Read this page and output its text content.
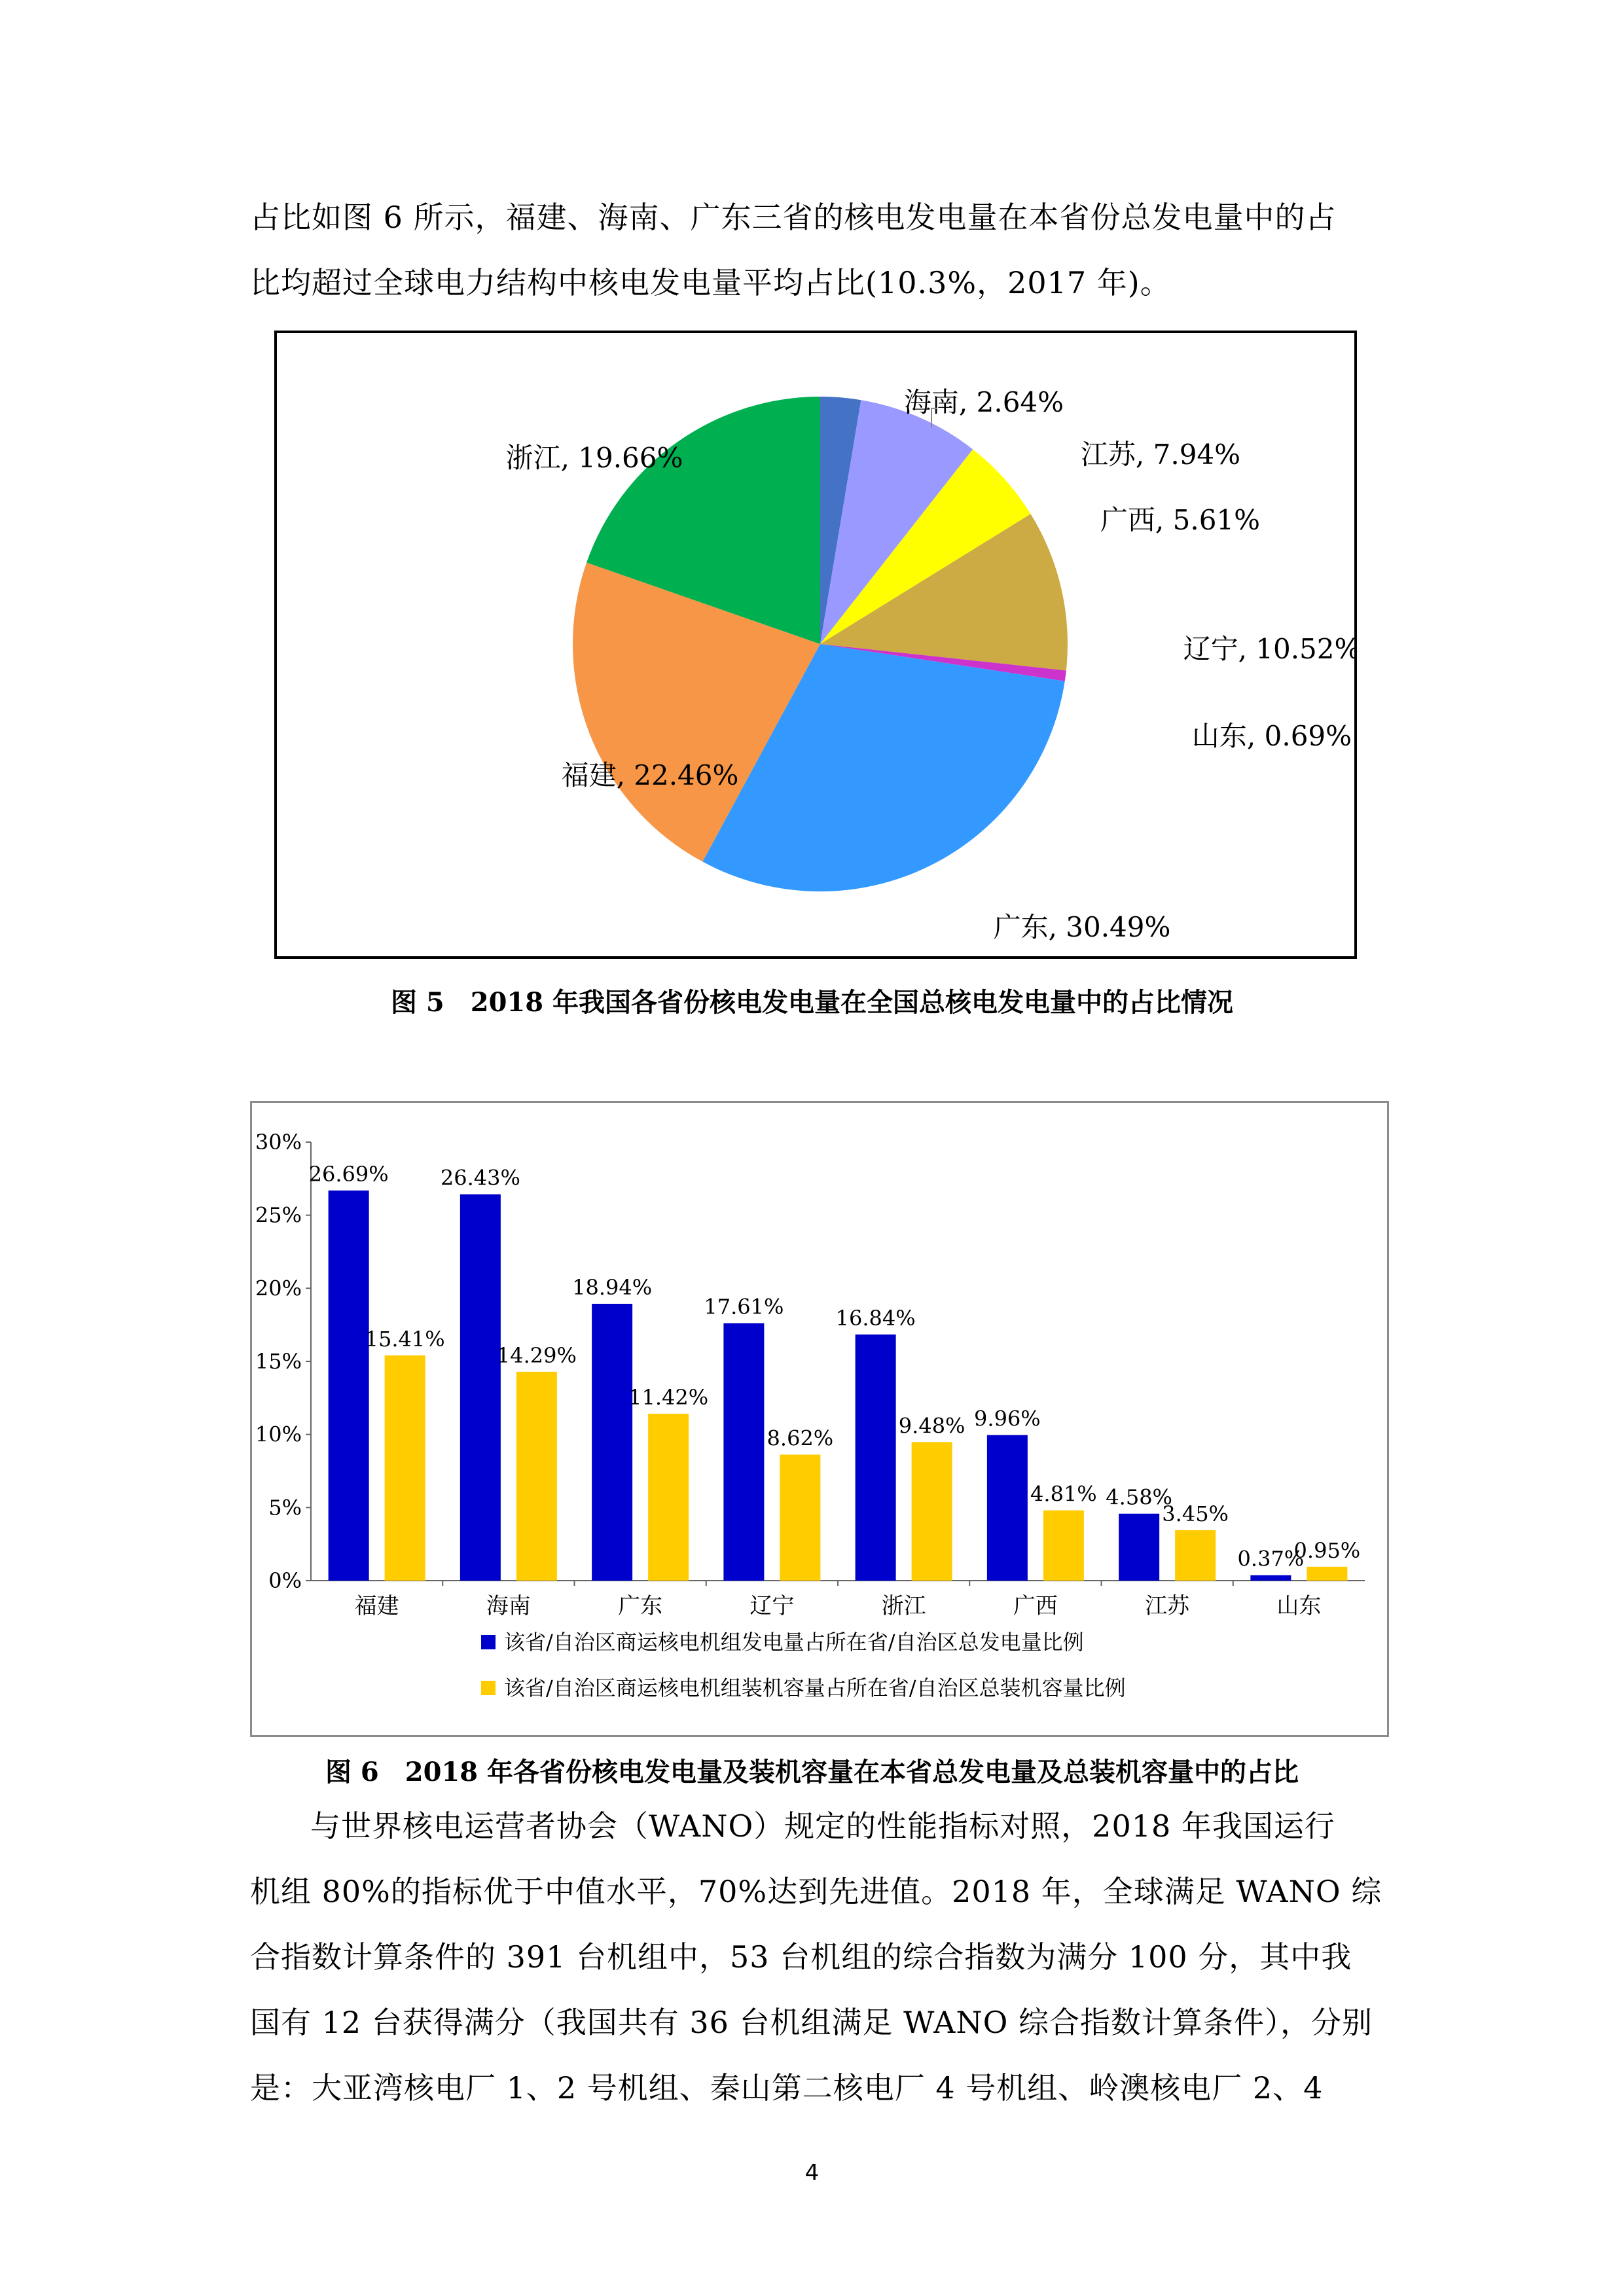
占比如图 6 所示，福建、海南、广东三省的核电发电量在本省份总发电量中的占

比均超过全球电力结构中核电发电量平均占比(10.3%，2017 年)。

海南, 2.64%
江苏, 7.94%
广西, 5.61%
辽宁, 10.52%
山东, 0.69%
广东, 30.49%
福建, 22.46%
浙江, 19.66%

图 5　2018 年我国各省份核电发电量在全国总核电发电量中的占比情况

0%
5%
10%
15%
20%
25%
30%
福建	海南	广东	辽宁	浙江	广西	江苏	山东
26.69%
15.41%
26.43%
14.29%
18.94%
11.42%
17.61%
8.62%
16.84%
9.48% 9.96%
4.81% 4.58%
3.45%
0.37%
0.95%
该省/自治区商运核电机组发电量占所在省/自治区总发电量比例
该省/自治区商运核电机组装机容量占所在省/自治区总装机容量比例

图 6　2018 年各省份核电发电量及装机容量在本省总发电量及总装机容量中的占比

与世界核电运营者协会（WANO）规定的性能指标对照，2018 年我国运行

机组 80%的指标优于中值水平，70%达到先进值。2018 年，全球满足 WANO 综

合指数计算条件的 391 台机组中，53 台机组的综合指数为满分 100 分，其中我

国有 12 台获得满分（我国共有 36 台机组满足 WANO 综合指数计算条件），分别

是：大亚湾核电厂 1、2 号机组、秦山第二核电厂 4 号机组、岭澳核电厂 2、4

4
